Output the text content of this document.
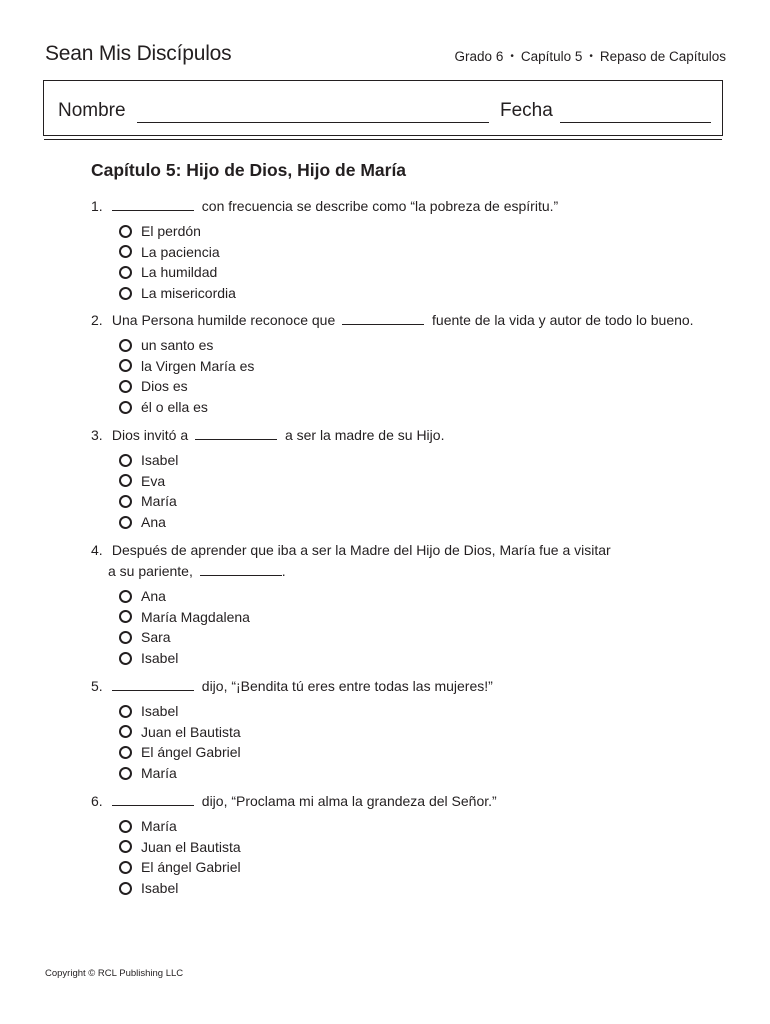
Sean Mis Discípulos	Grado 6 • Capítulo 5 • Repaso de Capítulos
Nombre	Fecha
Capítulo 5: Hijo de Dios, Hijo de María
1.	con frecuencia se describe como “la pobreza de espíritu.”
El perdón
La paciencia
La humildad
La misericordia
2. Una Persona humilde reconoce que	fuente de la vida y autor de todo lo bueno.
un santo es
la Virgen María es
Dios es
él o ella es
3. Dios invitó a	a ser la madre de su Hijo.
Isabel
Eva
María
Ana
4. Después de aprender que iba a ser la Madre del Hijo de Dios, María fue a visitar
a su pariente,	.
Ana
María Magdalena
Sara
Isabel
5.	dijo, “¡Bendita tú eres entre todas las mujeres!”
Isabel
Juan el Bautista
El ángel Gabriel
María
6.	dijo, “Proclama mi alma la grandeza del Señor.”
María
Juan el Bautista
El ángel Gabriel
Isabel
Copyright © RCL Publishing LLC
